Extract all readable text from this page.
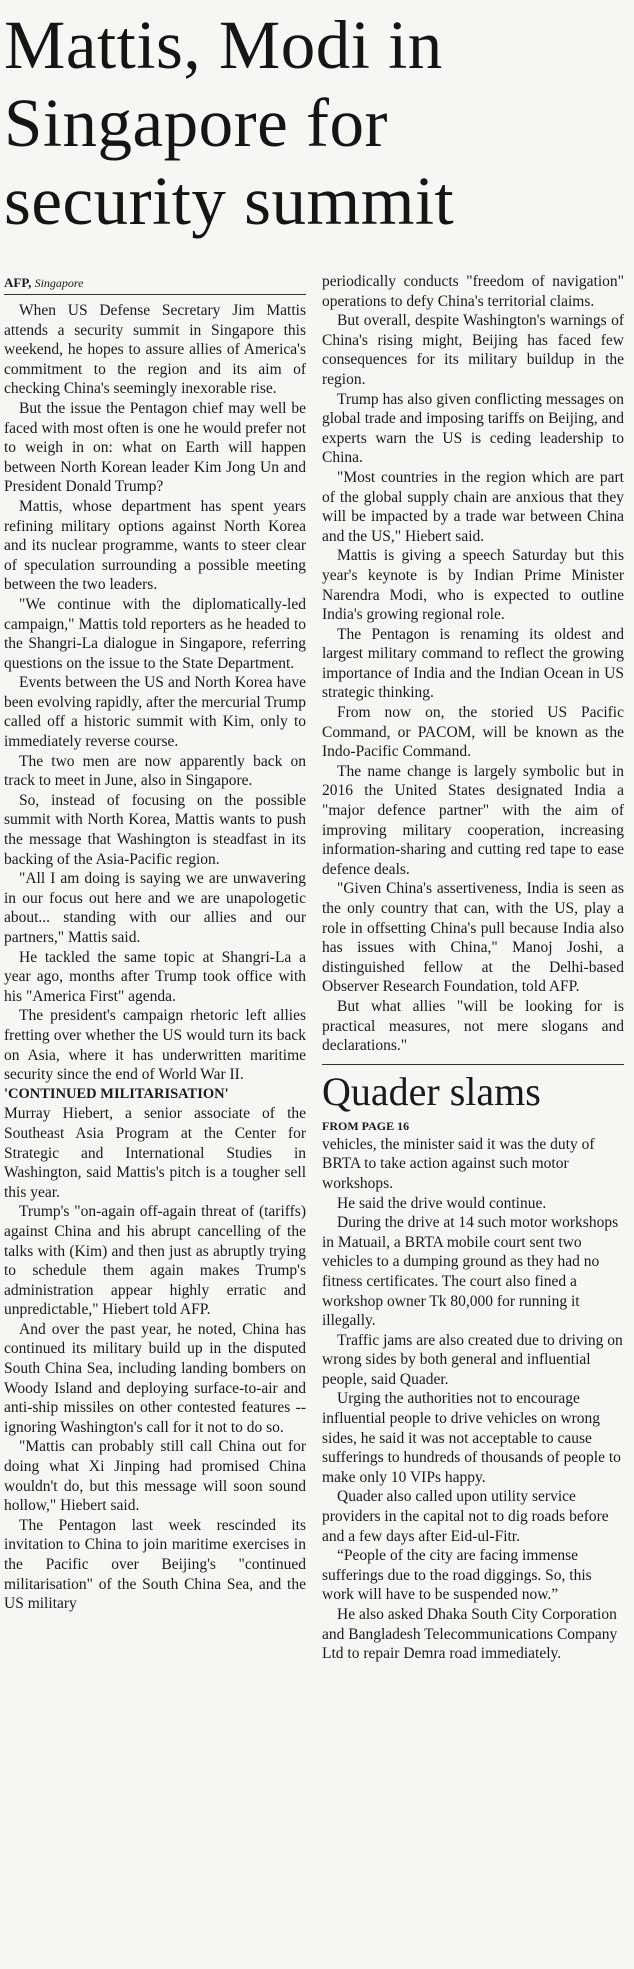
Mattis, Modi in Singapore for security summit
AFP, Singapore

When US Defense Secretary Jim Mattis attends a security summit in Singapore this weekend, he hopes to assure allies of America's commitment to the region and its aim of checking China's seemingly inexorable rise.

But the issue the Pentagon chief may well be faced with most often is one he would prefer not to weigh in on: what on Earth will happen between North Korean leader Kim Jong Un and President Donald Trump?

Mattis, whose department has spent years refining military options against North Korea and its nuclear programme, wants to steer clear of speculation surrounding a possible meeting between the two leaders.

"We continue with the diplomatically-led campaign," Mattis told reporters as he headed to the Shangri-La dialogue in Singapore, referring questions on the issue to the State Department.

Events between the US and North Korea have been evolving rapidly, after the mercurial Trump called off a historic summit with Kim, only to immediately reverse course.

The two men are now apparently back on track to meet in June, also in Singapore.

So, instead of focusing on the possible summit with North Korea, Mattis wants to push the message that Washington is steadfast in its backing of the Asia-Pacific region.

"All I am doing is saying we are unwavering in our focus out here and we are unapologetic about... standing with our allies and our partners," Mattis said.

He tackled the same topic at Shangri-La a year ago, months after Trump took office with his "America First" agenda.

The president's campaign rhetoric left allies fretting over whether the US would turn its back on Asia, where it has underwritten maritime security since the end of World War II.

'CONTINUED MILITARISATION'

Murray Hiebert, a senior associate of the Southeast Asia Program at the Center for Strategic and International Studies in Washington, said Mattis's pitch is a tougher sell this year.

Trump's "on-again off-again threat of (tariffs) against China and his abrupt cancelling of the talks with (Kim) and then just as abruptly trying to schedule them again makes Trump's administration appear highly erratic and unpredictable," Hiebert told AFP.

And over the past year, he noted, China has continued its military build up in the disputed South China Sea, including landing bombers on Woody Island and deploying surface-to-air and anti-ship missiles on other contested features -- ignoring Washington's call for it not to do so.

"Mattis can probably still call China out for doing what Xi Jinping had promised China wouldn't do, but this message will soon sound hollow," Hiebert said.

The Pentagon last week rescinded its invitation to China to join maritime exercises in the Pacific over Beijing's "continued militarisation" of the South China Sea, and the US military

periodically conducts "freedom of navigation" operations to defy China's territorial claims.

But overall, despite Washington's warnings of China's rising might, Beijing has faced few consequences for its military buildup in the region.

Trump has also given conflicting messages on global trade and imposing tariffs on Beijing, and experts warn the US is ceding leadership to China.

"Most countries in the region which are part of the global supply chain are anxious that they will be impacted by a trade war between China and the US," Hiebert said.

Mattis is giving a speech Saturday but this year's keynote is by Indian Prime Minister Narendra Modi, who is expected to outline India's growing regional role.

The Pentagon is renaming its oldest and largest military command to reflect the growing importance of India and the Indian Ocean in US strategic thinking.

From now on, the storied US Pacific Command, or PACOM, will be known as the Indo-Pacific Command.

The name change is largely symbolic but in 2016 the United States designated India a "major defence partner" with the aim of improving military cooperation, increasing information-sharing and cutting red tape to ease defence deals.

"Given China's assertiveness, India is seen as the only country that can, with the US, play a role in offsetting China's pull because India also has issues with China," Manoj Joshi, a distinguished fellow at the Delhi-based Observer Research Foundation, told AFP.

But what allies "will be looking for is practical measures, not mere slogans and declarations."

Quader slams
FROM PAGE 16

vehicles, the minister said it was the duty of BRTA to take action against such motor workshops.

He said the drive would continue.

During the drive at 14 such motor workshops in Matuail, a BRTA mobile court sent two vehicles to a dumping ground as they had no fitness certificates. The court also fined a workshop owner Tk 80,000 for running it illegally.

Traffic jams are also created due to driving on wrong sides by both general and influential people, said Quader.

Urging the authorities not to encourage influential people to drive vehicles on wrong sides, he said it was not acceptable to cause sufferings to hundreds of thousands of people to make only 10 VIPs happy.

Quader also called upon utility service providers in the capital not to dig roads before and a few days after Eid-ul-Fitr.

“People of the city are facing immense sufferings due to the road diggings. So, this work will have to be suspended now.”

He also asked Dhaka South City Corporation and Bangladesh Telecommunications Company Ltd to repair Demra road immediately.
